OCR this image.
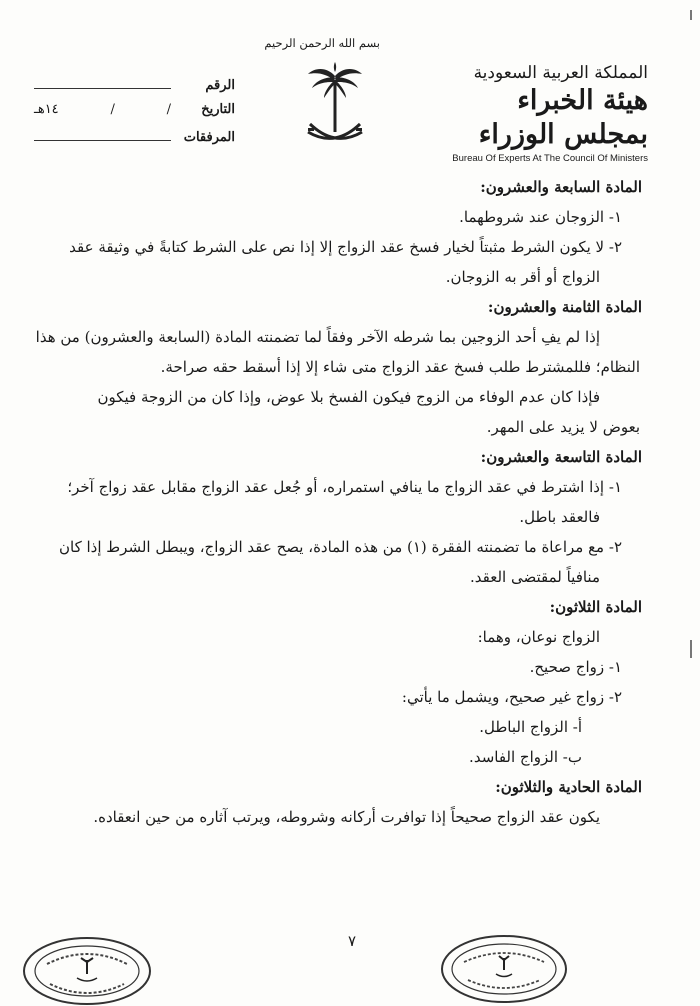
المملكة العربية السعودية
هيئة الخبراء بمجلس الوزراء
Bureau Of Experts At The Council Of Ministers
بسم الله الرحمن الرحيم
الرقم
التاريخ
/
/
١٤هـ
المرفقات
المادة السابعة والعشرون:
١- الزوجان عند شروطهما.
٢- لا يكون الشرط مثبتاً لخيار فسخ عقد الزواج إلا إذا نص على الشرط كتابةً في وثيقة عقد
الزواج أو أقر به الزوجان.
المادة الثامنة والعشرون:
إذا لم يفِ أحد الزوجين بما شرطه الآخر وفقاً لما تضمنته المادة (السابعة والعشرون) من هذا
النظام؛ فللمشترط طلب فسخ عقد الزواج متى شاء إلا إذا أسقط حقه صراحة.
فإذا كان عدم الوفاء من الزوج فيكون الفسخ بلا عوض، وإذا كان من الزوجة فيكون
بعوض لا يزيد على المهر.
المادة التاسعة والعشرون:
١- إذا اشترط في عقد الزواج ما ينافي استمراره، أو جُعل عقد الزواج مقابل عقد زواج آخر؛
فالعقد باطل.
٢- مع مراعاة ما تضمنته الفقرة (١) من هذه المادة، يصح عقد الزواج، ويبطل الشرط إذا كان
منافياً لمقتضى العقد.
المادة الثلاثون:
الزواج نوعان، وهما:
١- زواج صحيح.
٢- زواج غير صحيح، ويشمل ما يأتي:
أ- الزواج الباطل.
ب- الزواج الفاسد.
المادة الحادية والثلاثون:
يكون عقد الزواج صحيحاً إذا توافرت أركانه وشروطه، ويرتب آثاره من حين انعقاده.
٧
